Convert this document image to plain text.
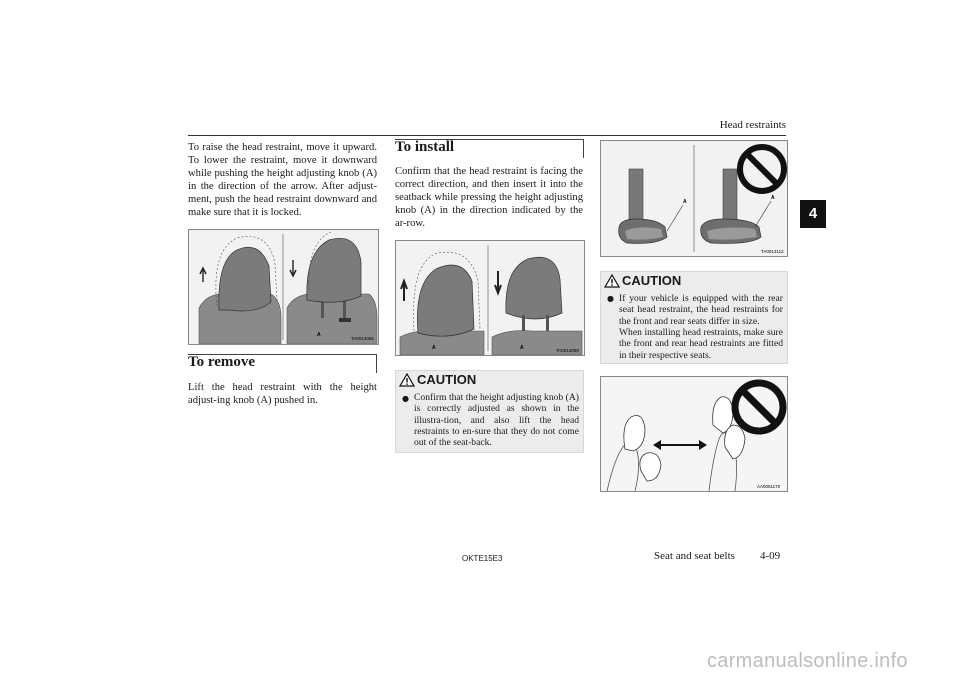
Head restraints
4
To raise the head restraint, move it upward. To lower the restraint, move it downward while pushing the height adjusting knob (A) in the direction of the arrow. After adjust-ment, push the head restraint downward and make sure that it is locked.
A
TA0013085
To remove
Lift the head restraint with the height adjust-ing knob (A) pushed in.
To install
Confirm that the head restraint is facing the correct direction, and then insert it into the seatback while pressing the height adjusting knob (A) in the direction indicated by the ar-row.
A	A	TA0013098
CAUTION
● Confirm that the height adjusting knob (A) is correctly adjusted as shown in the illustra-tion, and also lift the head restraints to en-sure that they do not come out of the seat-back.
A
A
TA0013112
CAUTION
● If your vehicle is equipped with the rear seat head restraint, the head restraints for the front and rear seats differ in size.
When installing head restraints, make sure the front and rear head restraints are fitted in their respective seats.
AA0051170
OKTE15E3	Seat and seat belts 4-09
carmanualsonline.info
